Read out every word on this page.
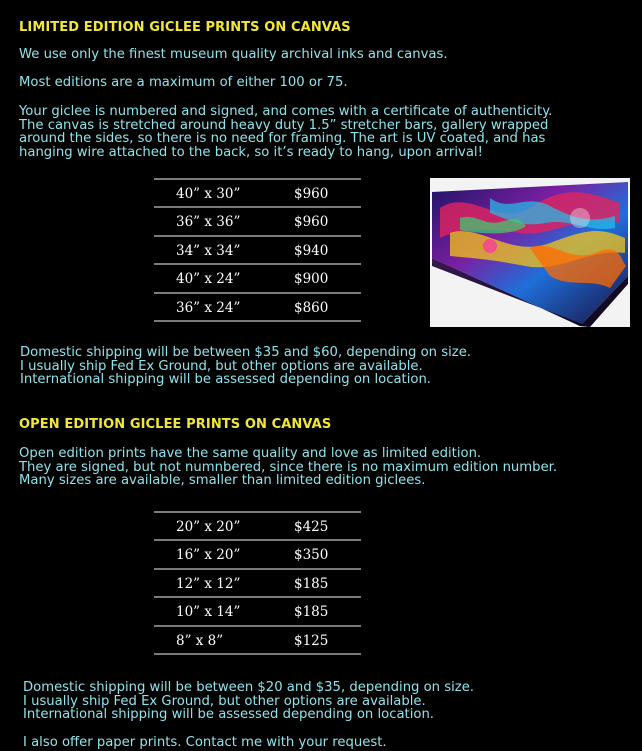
LIMITED EDITION GICLEE PRINTS ON CANVAS

We use only the finest museum quality archival inks and canvas.

Most editions are a maximum of either 100 or 75.

Your giclee is numbered and signed, and comes with a certificate of authenticity.
The canvas is stretched around heavy duty 1.5” stretcher bars, gallery wrapped
around the sides, so there is no need for framing. The art is UV coated, and has
hanging wire attached to the back, so it’s ready to hang, upon arrival!

40” x 30”	$960
36” x 36”	$960
34” x 34”	$940
40” x 24”	$900
36” x 24”	$860

Domestic shipping will be between $35 and $60, depending on size.
I usually ship Fed Ex Ground, but other options are available.
International shipping will be assessed depending on location.

OPEN EDITION GICLEE PRINTS ON CANVAS

Open edition prints have the same quality and love as limited edition.
They are signed, but not numnbered, since there is no maximum edition number.
Many sizes are available, smaller than limited edition giclees.

20” x 20”	$425
16” x 20”	$350
12” x 12”	$185
10” x 14”	$185
8” x 8”	$125

Domestic shipping will be between $20 and $35, depending on size.
I usually ship Fed Ex Ground, but other options are available.
International shipping will be assessed depending on location.

I also offer paper prints. Contact me with your request.
